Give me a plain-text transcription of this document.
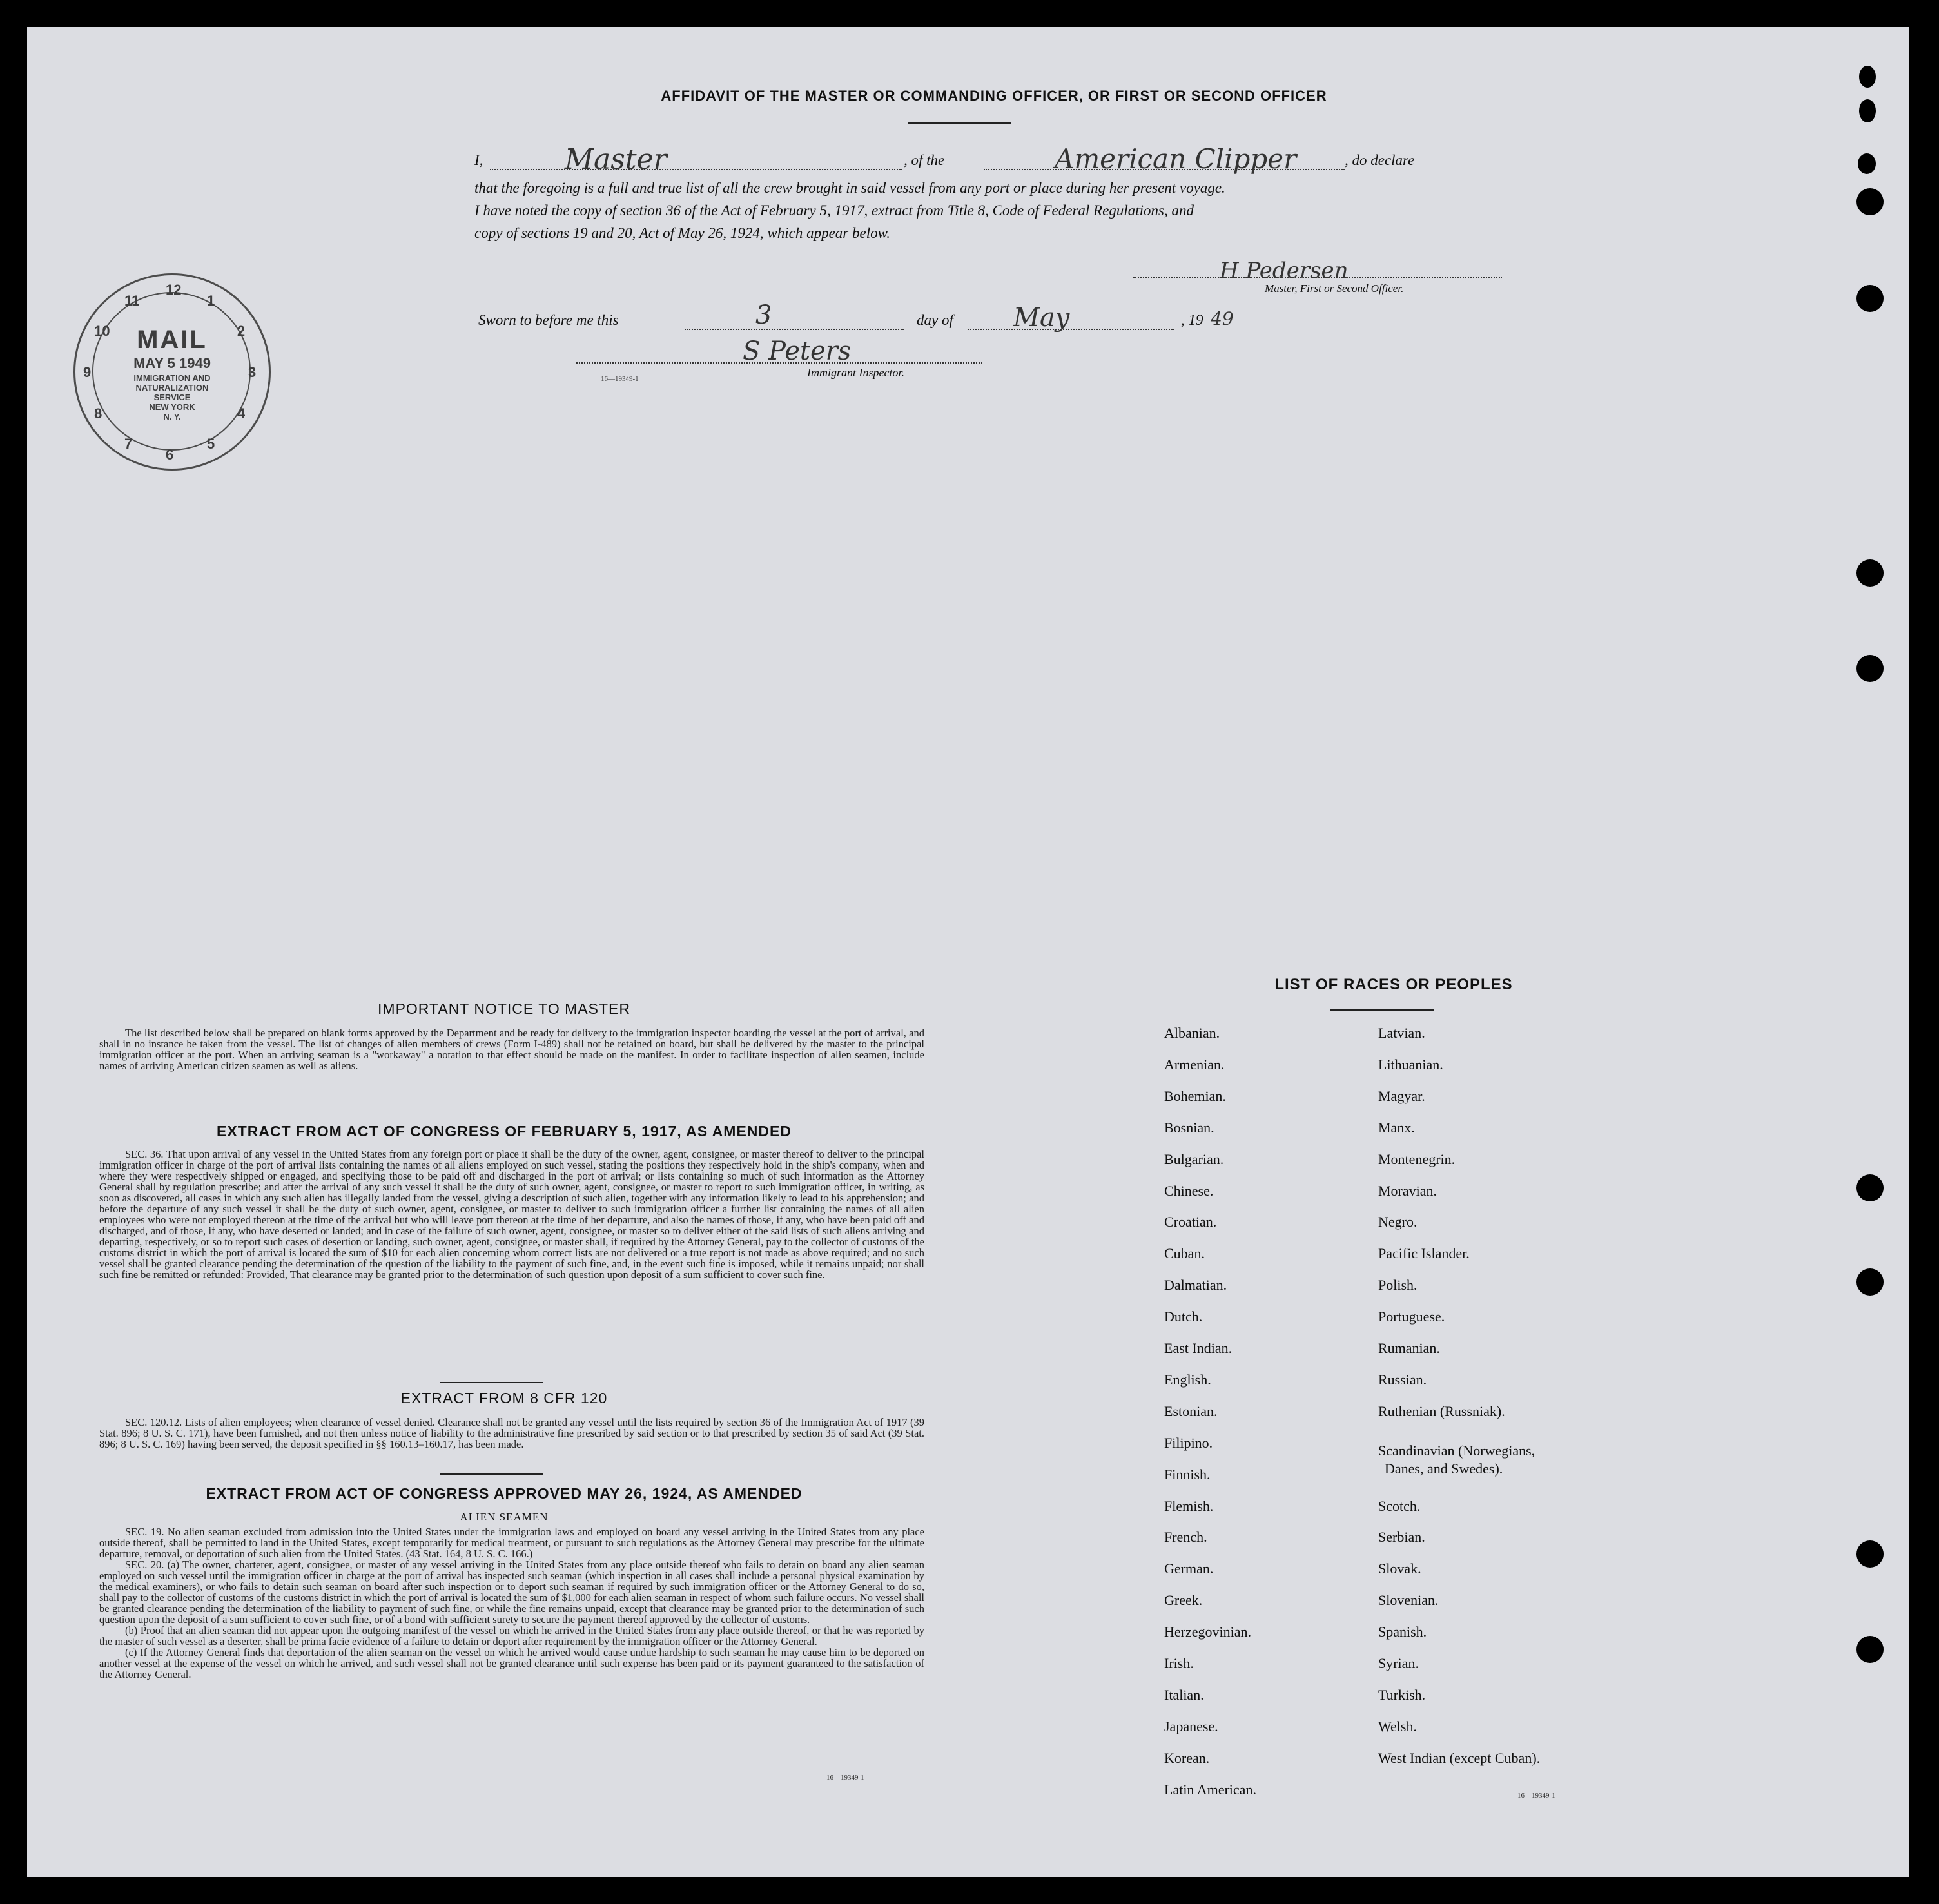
AFFIDAVIT OF THE MASTER OR COMMANDING OFFICER, OR FIRST OR SECOND OFFICER
I,	Master	, of the	American Clipper	, do declare
that the foregoing is a full and true list of all the crew brought in said vessel from any port or place during her present voyage.
I have noted the copy of section 36 of the Act of February 5, 1917, extract from Title 8, Code of Federal Regulations, and
copy of sections 19 and 20, Act of May 26, 1924, which appear below.
H Pedersen
Master, First or Second Officer.
Sworn to before me this	3	day of May	, 19 49
S Peters
Immigrant Inspector.
16—19349-1
12
1
2
3
4
5
6
7
8
9
10
11
MAIL
MAY 5 1949
IMMIGRATION AND
NATURALIZATION
SERVICE
NEW YORK
N. Y.
IMPORTANT NOTICE TO MASTER
The list described below shall be prepared on blank forms approved by the Department and be ready for delivery to the immigration inspector boarding the vessel at the port of arrival, and shall in no instance be taken from the vessel. The list of changes of alien members of crews (Form I-489) shall not be retained on board, but shall be delivered by the master to the principal immigration officer at the port. When an arriving seaman is a "workaway" a notation to that effect should be made on the manifest. In order to facilitate inspection of alien seamen, include names of arriving American citizen seamen as well as aliens.
EXTRACT FROM ACT OF CONGRESS OF FEBRUARY 5, 1917, AS AMENDED
SEC. 36. That upon arrival of any vessel in the United States from any foreign port or place it shall be the duty of the owner, agent, consignee, or master thereof to deliver to the principal immigration officer in charge of the port of arrival lists containing the names of all aliens employed on such vessel, stating the positions they respectively hold in the ship's company, when and where they were respectively shipped or engaged, and specifying those to be paid off and discharged in the port of arrival; or lists containing so much of such information as the Attorney General shall by regulation prescribe; and after the arrival of any such vessel it shall be the duty of such owner, agent, consignee, or master to report to such immigration officer, in writing, as soon as discovered, all cases in which any such alien has illegally landed from the vessel, giving a description of such alien, together with any information likely to lead to his apprehension; and before the departure of any such vessel it shall be the duty of such owner, agent, consignee, or master to deliver to such immigration officer a further list containing the names of all alien employees who were not employed thereon at the time of the arrival but who will leave port thereon at the time of her departure, and also the names of those, if any, who have been paid off and discharged, and of those, if any, who have deserted or landed; and in case of the failure of such owner, agent, consignee, or master so to deliver either of the said lists of such aliens arriving and departing, respectively, or so to report such cases of desertion or landing, such owner, agent, consignee, or master shall, if required by the Attorney General, pay to the collector of customs of the customs district in which the port of arrival is located the sum of $10 for each alien concerning whom correct lists are not delivered or a true report is not made as above required; and no such vessel shall be granted clearance pending the determination of the question of the liability to the payment of such fine, and, in the event such fine is imposed, while it remains unpaid; nor shall such fine be remitted or refunded: Provided, That clearance may be granted prior to the determination of such question upon deposit of a sum sufficient to cover such fine.
EXTRACT FROM 8 CFR 120
SEC. 120.12. Lists of alien employees; when clearance of vessel denied. Clearance shall not be granted any vessel until the lists required by section 36 of the Immigration Act of 1917 (39 Stat. 896; 8 U. S. C. 171), have been furnished, and not then unless notice of liability to the administrative fine prescribed by said section or to that prescribed by section 35 of said Act (39 Stat. 896; 8 U. S. C. 169) having been served, the deposit specified in §§ 160.13–160.17, has been made.
EXTRACT FROM ACT OF CONGRESS APPROVED MAY 26, 1924, AS AMENDED
ALIEN SEAMEN
SEC. 19. No alien seaman excluded from admission into the United States under the immigration laws and employed on board any vessel arriving in the United States from any place outside thereof, shall be permitted to land in the United States, except temporarily for medical treatment, or pursuant to such regulations as the Attorney General may prescribe for the ultimate departure, removal, or deportation of such alien from the United States. (43 Stat. 164, 8 U. S. C. 166.)
SEC. 20. (a) The owner, charterer, agent, consignee, or master of any vessel arriving in the United States from any place outside thereof who fails to detain on board any alien seaman employed on such vessel until the immigration officer in charge at the port of arrival has inspected such seaman (which inspection in all cases shall include a personal physical examination by the medical examiners), or who fails to detain such seaman on board after such inspection or to deport such seaman if required by such immigration officer or the Attorney General to do so, shall pay to the collector of customs of the customs district in which the port of arrival is located the sum of $1,000 for each alien seaman in respect of whom such failure occurs. No vessel shall be granted clearance pending the determination of the liability to payment of such fine, or while the fine remains unpaid, except that clearance may be granted prior to the determination of such question upon the deposit of a sum sufficient to cover such fine, or of a bond with sufficient surety to secure the payment thereof approved by the collector of customs.
(b) Proof that an alien seaman did not appear upon the outgoing manifest of the vessel on which he arrived in the United States from any place outside thereof, or that he was reported by the master of such vessel as a deserter, shall be prima facie evidence of a failure to detain or deport after requirement by the immigration officer or the Attorney General.
(c) If the Attorney General finds that deportation of the alien seaman on the vessel on which he arrived would cause undue hardship to such seaman he may cause him to be deported on another vessel at the expense of the vessel on which he arrived, and such vessel shall not be granted clearance until such expense has been paid or its payment guaranteed to the satisfaction of the Attorney General.
16—19349-1
LIST OF RACES OR PEOPLES
Albanian.
Armenian.
Bohemian.
Bosnian.
Bulgarian.
Chinese.
Croatian.
Cuban.
Dalmatian.
Dutch.
East Indian.
English.
Estonian.
Filipino.
Finnish.
Flemish.
French.
German.
Greek.
Herzegovinian.
Irish.
Italian.
Japanese.
Korean.
Latin American.
Latvian.
Lithuanian.
Magyar.
Manx.
Montenegrin.
Moravian.
Negro.
Pacific Islander.
Polish.
Portuguese.
Rumanian.
Russian.
Ruthenian (Russniak).
Scandinavian (Norwegians,
Danes, and Swedes).
Scotch.
Serbian.
Slovak.
Slovenian.
Spanish.
Syrian.
Turkish.
Welsh.
West Indian (except Cuban).
16—19349-1
